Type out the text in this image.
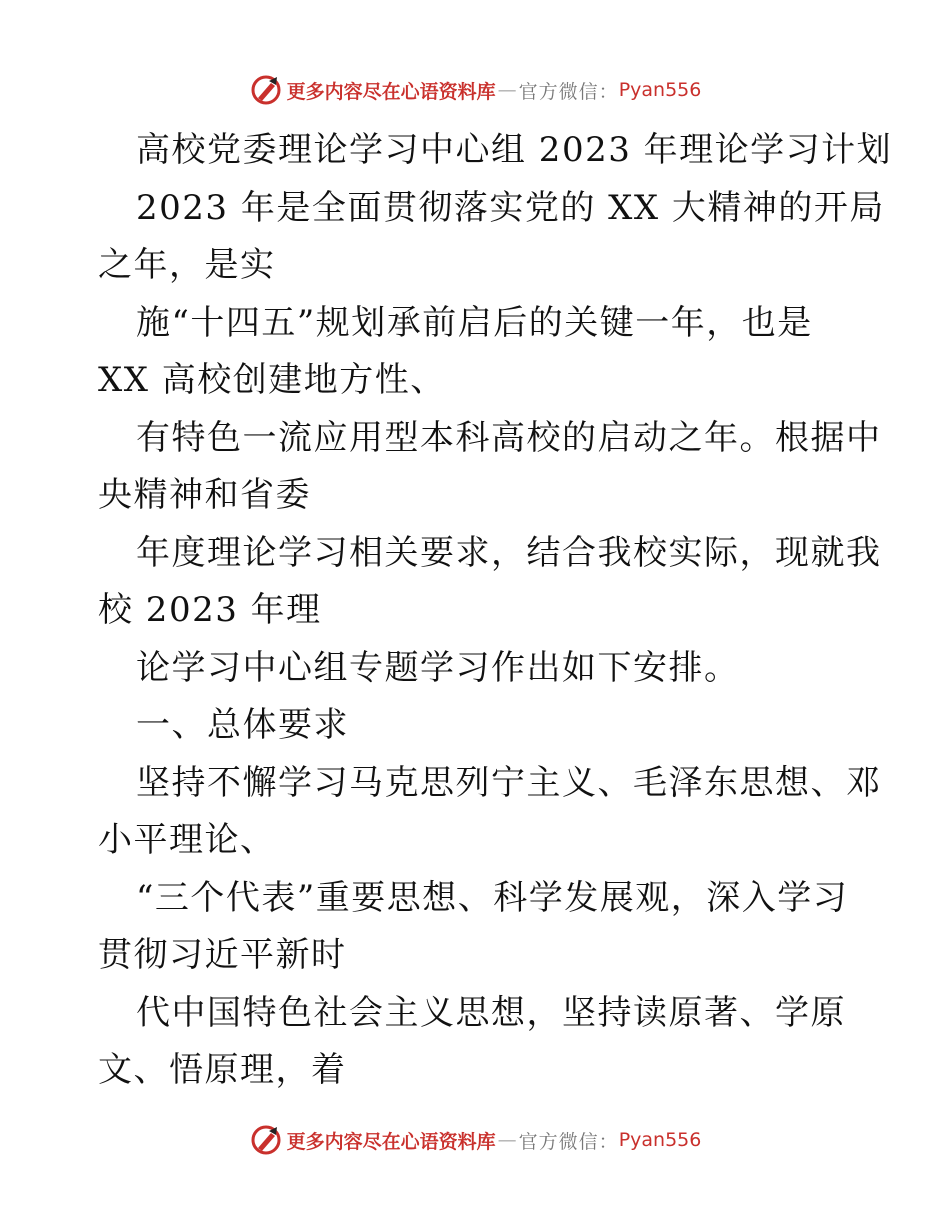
更多内容尽在心语资料库 — 官方微信： Pyan556
高校党委理论学习中心组 2023 年理论学习计划
2023 年是全面贯彻落实党的 XX 大精神的开局
之年，是实
施“十四五”规划承前启后的关键一年，也是
XX 高校创建地方性、
有特色一流应用型本科高校的启动之年。根据中
央精神和省委
年度理论学习相关要求，结合我校实际，现就我
校 2023 年理
论学习中心组专题学习作出如下安排。
一、总体要求
坚持不懈学习马克思列宁主义、毛泽东思想、邓
小平理论、
“三个代表”重要思想、科学发展观，深入学习
贯彻习近平新时
代中国特色社会主义思想，坚持读原著、学原
文、悟原理，着
更多内容尽在心语资料库 — 官方微信： Pyan556
